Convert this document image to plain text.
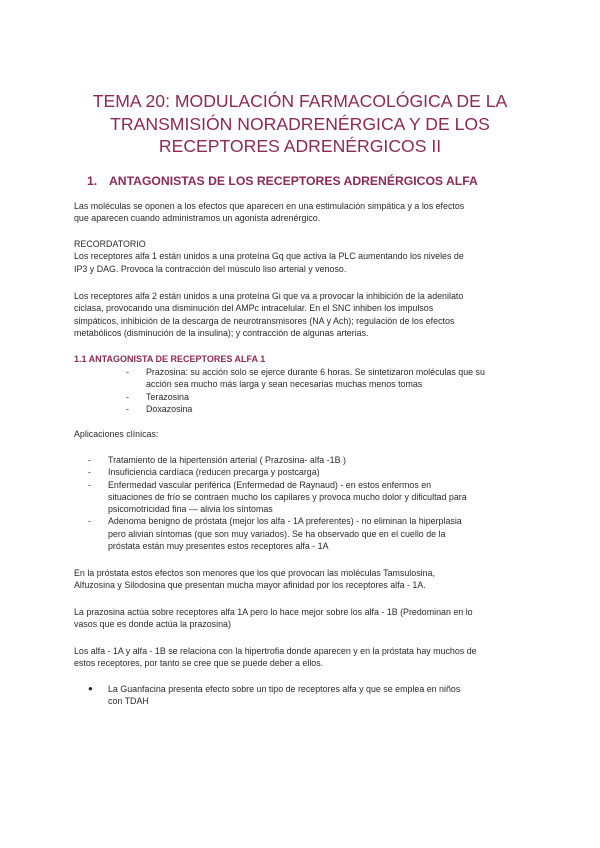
TEMA 20: MODULACIÓN FARMACOLÓGICA DE LA
TRANSMISIÓN NORADRENÉRGICA Y DE LOS
RECEPTORES ADRENÉRGICOS II
1. ANTAGONISTAS DE LOS RECEPTORES ADRENÉRGICOS ALFA

Las moléculas se oponen a los efectos que aparecen en una estimulación simpática y a los efectos
que aparecen cuando administramos un agonista adrenérgico.

RECORDATORIO
Los receptores alfa 1 están unidos a una proteína Gq que activa la PLC aumentando los niveles de
IP3 y DAG. Provoca la contracción del músculo liso arterial y venoso.

Los receptores alfa 2 están unidos a una proteína Gi que va a provocar la inhibición de la adenilato
ciclasa, provocando una disminución del AMPc intracelular. En el SNC inhiben los impulsos
simpáticos, inhibición de la descarga de neurotransmisores (NA y Ach); regulación de los efectos
metabólicos (disminución de la insulina); y contracción de algunas arterias.

1.1 ANTAGONISTA DE RECEPTORES ALFA 1
- Prazosina: su acción solo se ejerce durante 6 horas. Se sintetizaron moléculas que su
acción sea mucho más larga y sean necesarias muchas menos tomas
- Terazosina
- Doxazosina

Aplicaciones clínicas:

- Tratamiento de la hipertensión arterial ( Prazosina- alfa -1B )
- Insuficiencia cardíaca (reducen precarga y postcarga)
- Enfermedad vascular periférica (Enfermedad de Raynaud) - en estos enfermos en
situaciones de frío se contraen mucho los capilares y provoca mucho dolor y dificultad para
psicomotricidad fina — alivia los síntomas
- Adenoma benigno de próstata (mejor los alfa - 1A preferentes) - no eliminan la hiperplasia
pero alivian síntomas (que son muy variados). Se ha observado que en el cuello de la
próstata están muy presentes estos receptores alfa - 1A

En la próstata estos efectos son menores que los que provocan las moléculas Tamsulosina,
Alfuzosina y Silodosina que presentan mucha mayor afinidad por los receptores alfa - 1A.

La prazosina actúa sobre receptores alfa 1A pero lo hace mejor sobre los alfa - 1B (Predominan en lo
vasos que es donde actúa la prazosina)

Los alfa - 1A y alfa - 1B se relaciona con la hipertrofia donde aparecen y en la próstata hay muchos de
estos receptores, por tanto se cree que se puede deber a ellos.

● La Guanfacina presenta efecto sobre un tipo de receptores alfa y que se emplea en niños
con TDAH
